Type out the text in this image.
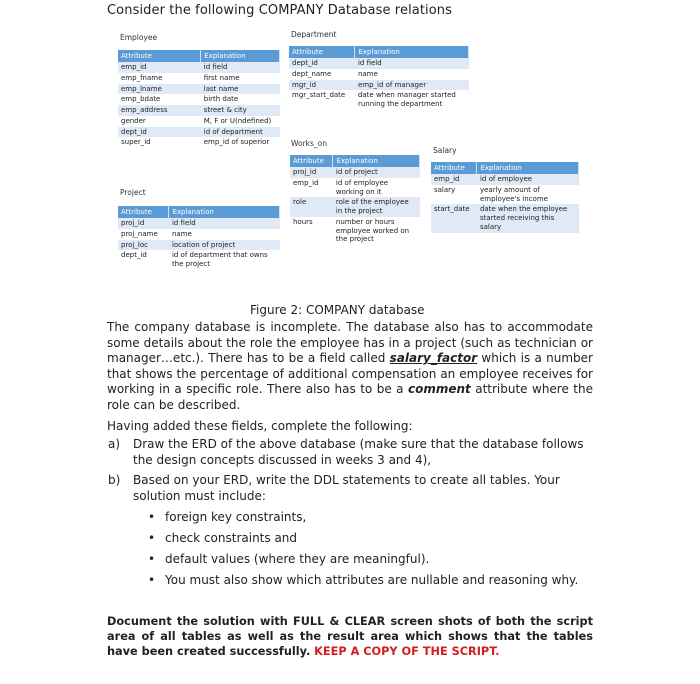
Consider the following COMPANY Database relations
Employee
Attribute	Explanation
emp_id	id field
emp_fname	first name
emp_lname	last name
emp_bdate	birth date
emp_address	street & city
gender	M, F or U(ndefined)
dept_id	id of department
super_id	emp_id of superior
Project
Attribute	Explanation
proj_id	id field
proj_name	name
proj_loc	location of project
dept_id	id of department that owns the project
Department
Attribute	Explanation
dept_id	id field
dept_name	name
mgr_id	emp_id of manager
mgr_start_date	date when manager started running the department
Works_on
Attribute	Explanation
proj_id	id of project
emp_id	id of employee working on it
role	role of the employee in the project
hours	number or hours employee worked on the project
Salary
Attribute	Explanation
emp_id	id of employee
salary	yearly amount of employee's income
start_date	date when the employee started receiving this salary
Figure 2: COMPANY database
The company database is incomplete. The database also has to accommodate some details about the role the employee has in a project (such as technician or manager…etc.). There has to be a field called salary_factor which is a number that shows the percentage of additional compensation an employee receives for working in a specific role. There also has to be a comment attribute where the role can be described.
Having added these fields, complete the following:
a) Draw the ERD of the above database (make sure that the database follows the design concepts discussed in weeks 3 and 4),
b) Based on your ERD, write the DDL statements to create all tables. Your solution must include:
• foreign key constraints,
• check constraints and
• default values (where they are meaningful).
• You must also show which attributes are nullable and reasoning why.
Document the solution with FULL & CLEAR screen shots of both the script area of all tables as well as the result area which shows that the tables have been created successfully. KEEP A COPY OF THE SCRIPT.
